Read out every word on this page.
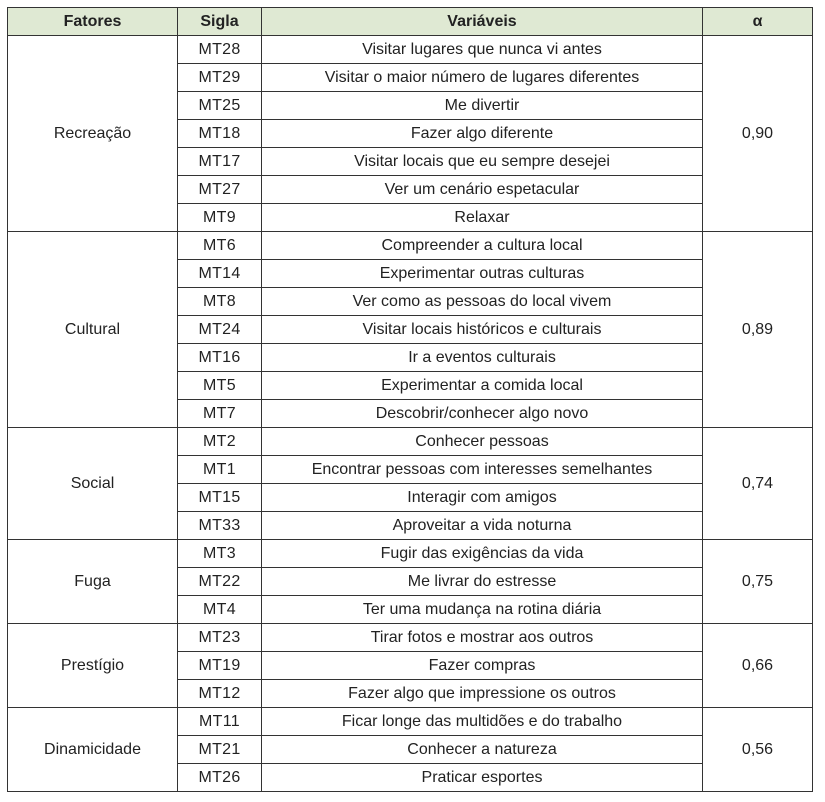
Fatores	Sigla	Variáveis	α
Recreação	MT28	Visitar lugares que nunca vi antes	0,90
	MT29	Visitar o maior número de lugares diferentes	
	MT25	Me divertir	
	MT18	Fazer algo diferente	
	MT17	Visitar locais que eu sempre desejei	
	MT27	Ver um cenário espetacular	
	MT9	Relaxar	
Cultural	MT6	Compreender a cultura local	0,89
	MT14	Experimentar outras culturas	
	MT8	Ver como as pessoas do local vivem	
	MT24	Visitar locais históricos e culturais	
	MT16	Ir a eventos culturais	
	MT5	Experimentar a comida local	
	MT7	Descobrir/conhecer algo novo	
Social	MT2	Conhecer pessoas	0,74
	MT1	Encontrar pessoas com interesses semelhantes	
	MT15	Interagir com amigos	
	MT33	Aproveitar a vida noturna	
Fuga	MT3	Fugir das exigências da vida	0,75
	MT22	Me livrar do estresse	
	MT4	Ter uma mudança na rotina diária	
Prestígio	MT23	Tirar fotos e mostrar aos outros	0,66
	MT19	Fazer compras	
	MT12	Fazer algo que impressione os outros	
Dinamicidade	MT11	Ficar longe das multidões e do trabalho	0,56
	MT21	Conhecer a natureza	
	MT26	Praticar esportes	
